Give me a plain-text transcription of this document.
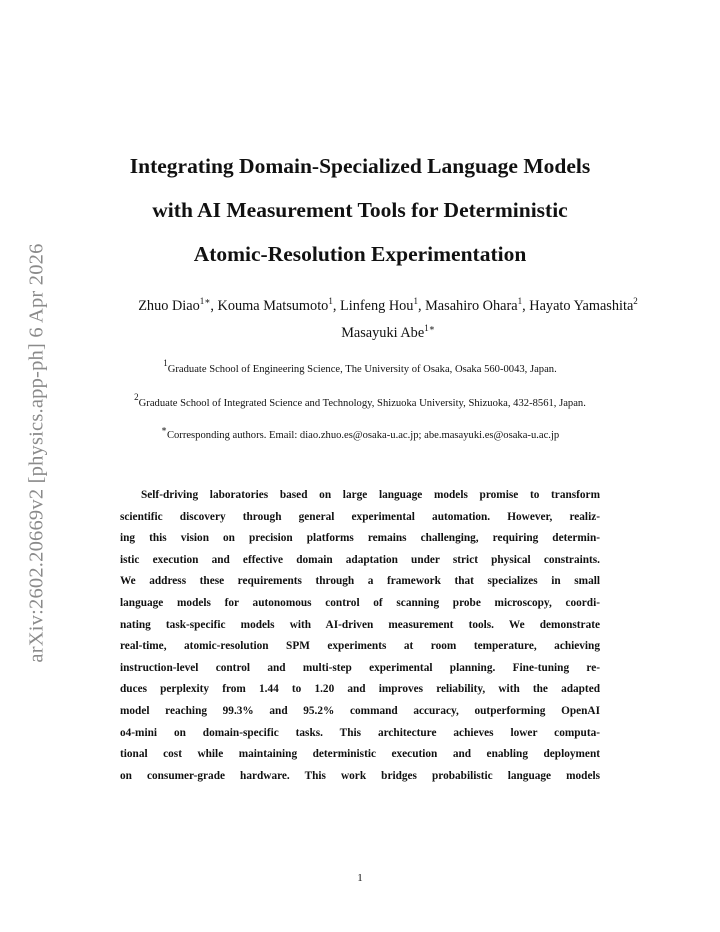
arXiv:2602.20669v2 [physics.app-ph] 6 Apr 2026
Integrating Domain-Specialized Language Models
with AI Measurement Tools for Deterministic
Atomic-Resolution Experimentation
Zhuo Diao$^{1∗}$, Kouma Matsumoto$^1$, Linfeng Hou$^1$, Masahiro Ohara$^1$, Hayato Yamashita$^2$
Masayuki Abe$^{1∗}$
$^1$Graduate School of Engineering Science, The University of Osaka, Osaka 560-0043, Japan.
$^2$Graduate School of Integrated Science and Technology, Shizuoka University, Shizuoka, 432-8561, Japan.
∗Corresponding authors. Email: diao.zhuo.es@osaka-u.ac.jp; abe.masayuki.es@osaka-u.ac.jp
Self-driving laboratories based on large language models promise to transform
scientific discovery through general experimental automation. However, realiz-
ing this vision on precision platforms remains challenging, requiring determin-
istic execution and effective domain adaptation under strict physical constraints.
We address these requirements through a framework that specializes in small
language models for autonomous control of scanning probe microscopy, coordi-
nating task-specific models with AI-driven measurement tools. We demonstrate
real-time, atomic-resolution SPM experiments at room temperature, achieving
instruction-level control and multi-step experimental planning. Fine-tuning re-
duces perplexity from 1.44 to 1.20 and improves reliability, with the adapted
model reaching 99.3% and 95.2% command accuracy, outperforming OpenAI
o4-mini on domain-specific tasks. This architecture achieves lower computa-
tional cost while maintaining deterministic execution and enabling deployment
on consumer-grade hardware. This work bridges probabilistic language models
1
